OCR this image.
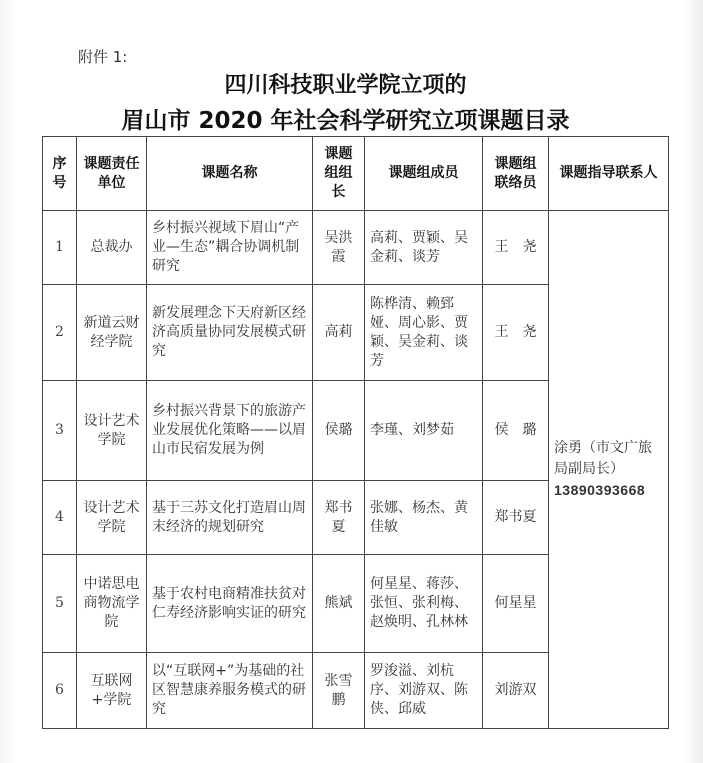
附件 1:
四川科技职业学院立项的
眉山市 2020 年社会科学研究立项课题目录
序号	课题责任单位	课题名称	课题组组长	课题组成员	课题组联络员	课题指导联系人
1	总裁办	乡村振兴视域下眉山“产业—生态”耦合协调机制研究	吴洪霞	高莉、贾颖、吴金莉、谈芳	王　尧	涂勇（市文广旅局副局长）
13890393668
2	新道云财经学院	新发展理念下天府新区经济高质量协同发展模式研究	高莉	陈桦清、赖郅娅、周心影、贾颖、吴金莉、谈芳	王　尧	
3	设计艺术学院	乡村振兴背景下的旅游产业发展优化策略——以眉山市民宿发展为例	侯璐	李瑾、刘梦茹	侯　璐	
4	设计艺术学院	基于三苏文化打造眉山周末经济的规划研究	郑书夏	张娜、杨杰、黄佳敏	郑书夏	
5	中诺思电商物流学院	基于农村电商精准扶贫对仁寿经济影响实证的研究	熊斌	何星星、蒋莎、张恒、张利梅、赵焕明、孔林林	何星星	
6	互联网+学院	以“互联网+”为基础的社区智慧康养服务模式的研究	张雪鹏	罗浚溢、刘杭序、刘游双、陈侠、邱威	刘游双	
